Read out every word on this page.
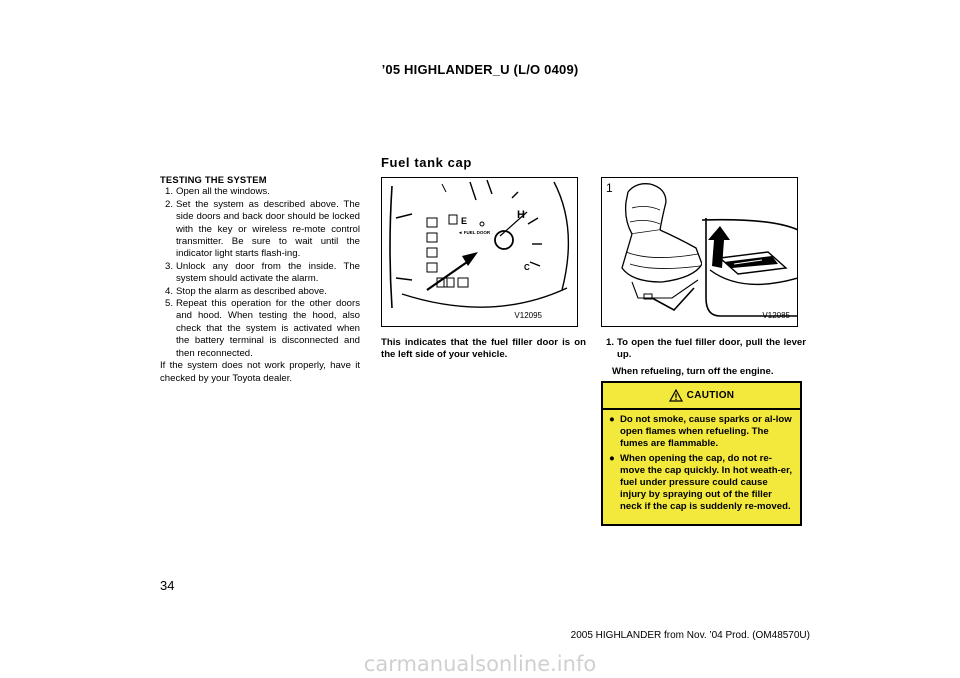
’05 HIGHLANDER_U (L/O 0409)
Fuel tank cap
TESTING THE SYSTEM
1. Open all the windows.
2. Set the system as described above. The side doors and back door should be locked with the key or wireless re-mote control transmitter. Be sure to wait until the indicator light starts flash-ing.
3. Unlock any door from the inside. The system should activate the alarm.
4. Stop the alarm as described above.
5. Repeat this operation for the other doors and hood. When testing the hood, also check that the system is activated when the battery terminal is disconnected and then reconnected.
If the system does not work properly, have it checked by your Toyota dealer.
E	H
C
◄ FUEL DOOR
V12095
1
V12085
This indicates that the fuel filler door is on the left side of your vehicle.
1. To open the fuel filler door, pull the lever up.
When refueling, turn off the engine.
CAUTION
● Do not smoke, cause sparks or al-low open flames when refueling. The fumes are flammable.
● When opening the cap, do not re-move the cap quickly. In hot weath-er, fuel under pressure could cause injury by spraying out of the filler neck if the cap is suddenly re-moved.
34
2005 HIGHLANDER from Nov. ’04 Prod. (OM48570U)
carmanualsonline.info
